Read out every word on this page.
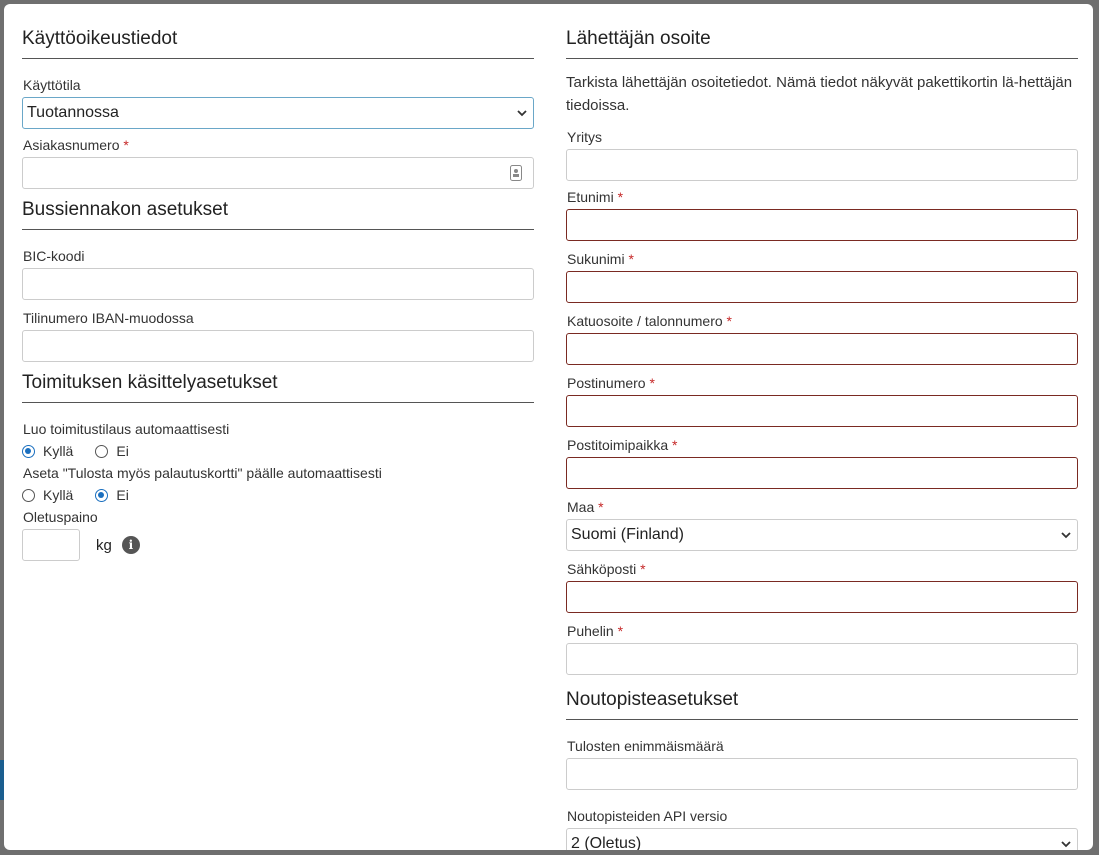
Käyttöoikeustiedot
Käyttötila
Tuotannossa
Asiakasnumero *
Bussiennakon asetukset
BIC-koodi
Tilinumero IBAN-muodossa
Toimituksen käsittelyasetukset
Luo toimitustilaus automaattisesti
Kyllä	Ei
Aseta "Tulosta myös palautuskortti" päälle automaattisesti
Kyllä	Ei
Oletuspaino
kg	i
Lähettäjän osoite
Tarkista lähettäjän osoitetiedot. Nämä tiedot näkyvät pakettikortin lä-hettäjän tiedoissa.
Yritys
Etunimi *
Sukunimi *
Katuosoite / talonnumero *
Postinumero *
Postitoimipaikka *
Maa *
Suomi (Finland)
Sähköposti *
Puhelin *
Noutopisteasetukset
Tulosten enimmäismäärä
Noutopisteiden API versio
2 (Oletus)
